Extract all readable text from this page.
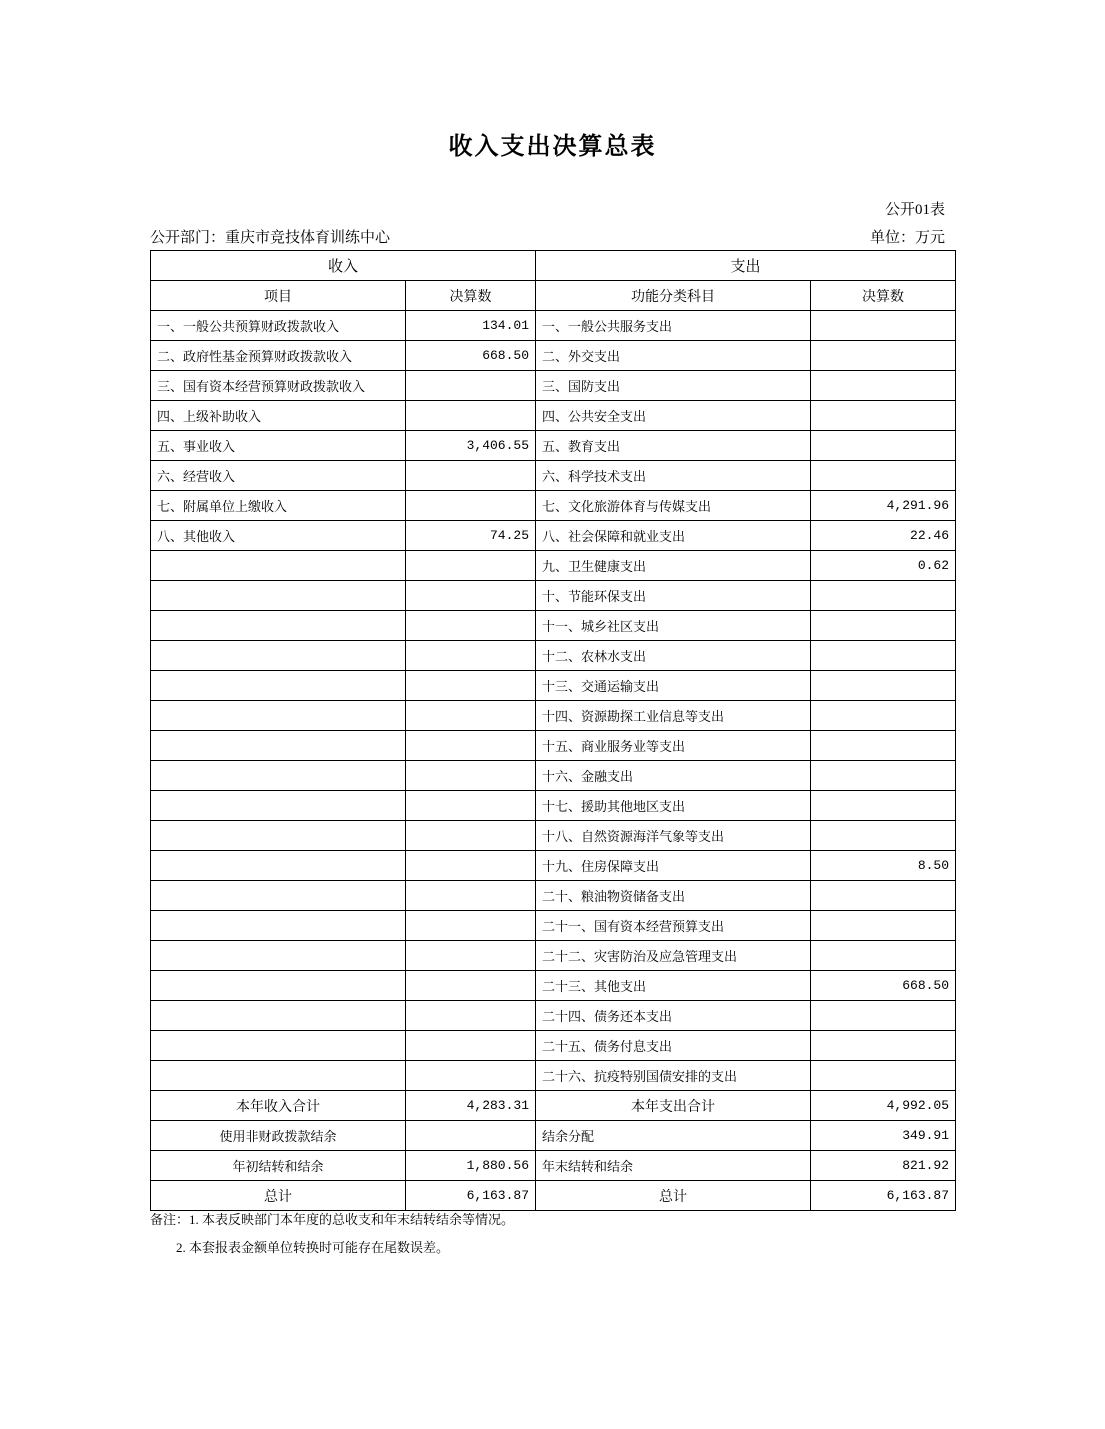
收入支出决算总表
公开01表
公开部门：重庆市竞技体育训练中心	单位：万元
收入		支出	
项目	决算数	功能分类科目	决算数
一、一般公共预算财政拨款收入	134.01	一、一般公共服务支出	
二、政府性基金预算财政拨款收入	668.50	二、外交支出	
三、国有资本经营预算财政拨款收入		三、国防支出	
四、上级补助收入		四、公共安全支出	
五、事业收入	3,406.55	五、教育支出	
六、经营收入		六、科学技术支出	
七、附属单位上缴收入		七、文化旅游体育与传媒支出	4,291.96
八、其他收入	74.25	八、社会保障和就业支出	22.46
		九、卫生健康支出	0.62
		十、节能环保支出	
		十一、城乡社区支出	
		十二、农林水支出	
		十三、交通运输支出	
		十四、资源勘探工业信息等支出	
		十五、商业服务业等支出	
		十六、金融支出	
		十七、援助其他地区支出	
		十八、自然资源海洋气象等支出	
		十九、住房保障支出	8.50
		二十、粮油物资储备支出	
		二十一、国有资本经营预算支出	
		二十二、灾害防治及应急管理支出	
		二十三、其他支出	668.50
		二十四、债务还本支出	
		二十五、债务付息支出	
		二十六、抗疫特别国债安排的支出	
本年收入合计	4,283.31	本年支出合计	4,992.05
使用非财政拨款结余		结余分配	349.91
年初结转和结余	1,880.56	年末结转和结余	821.92
总计	6,163.87	总计	6,163.87
备注：1. 本表反映部门本年度的总收支和年末结转结余等情况。
2. 本套报表金额单位转换时可能存在尾数误差。
